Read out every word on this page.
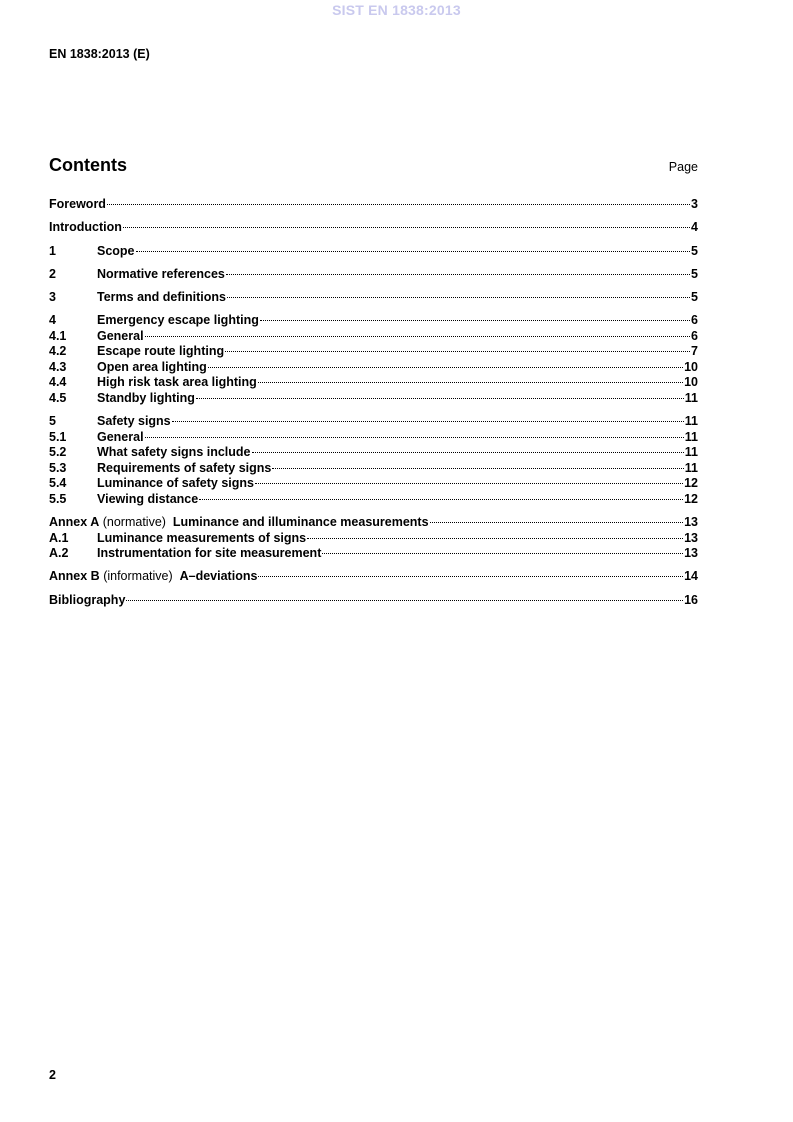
SIST EN 1838:2013
EN 1838:2013 (E)
Contents	Page
Foreword	3
Introduction	4
1	Scope	5
2	Normative references	5
3	Terms and definitions	5
4	Emergency escape lighting	6
4.1	General	6
4.2	Escape route lighting	7
4.3	Open area lighting	10
4.4	High risk task area lighting	10
4.5	Standby lighting	11
5	Safety signs	11
5.1	General	11
5.2	What safety signs include	11
5.3	Requirements of safety signs	11
5.4	Luminance of safety signs	12
5.5	Viewing distance	12
Annex A (normative) Luminance and illuminance measurements	13
A.1	Luminance measurements of signs	13
A.2	Instrumentation for site measurement	13
Annex B (informative) A–deviations	14
Bibliography	16
2
